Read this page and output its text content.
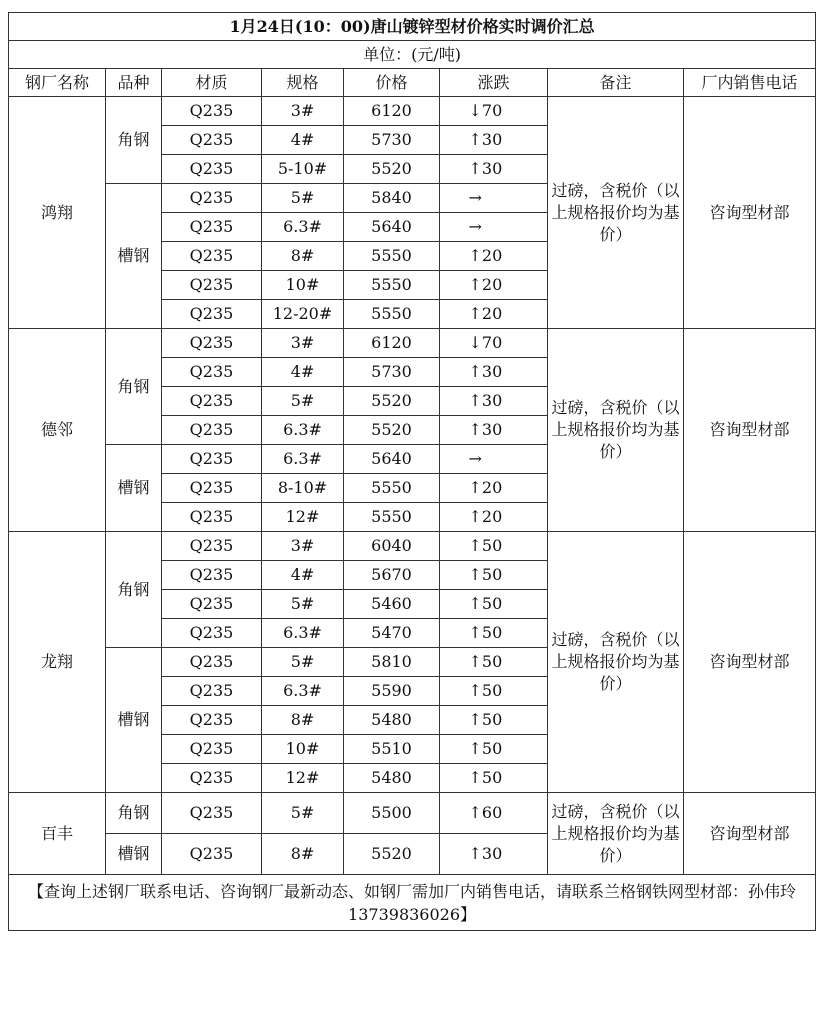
1月24日(10：00)唐山镀锌型材价格实时调价汇总							
单位：(元/吨)							
钢厂名称	品种	材质	规格	价格	涨跌	备注	厂内销售电话
鸿翔	角钢	Q235	3#	6120	↓70	过磅，含税价（以上规格报价均为基价）	咨询型材部
		Q235	4#	5730	↑30		
		Q235	5-10#	5520	↑30		
	槽钢	Q235	5#	5840	→		
		Q235	6.3#	5640	→		
		Q235	8#	5550	↑20		
		Q235	10#	5550	↑20		
		Q235	12-20#	5550	↑20		
德邻	角钢	Q235	3#	6120	↓70	过磅，含税价（以上规格报价均为基价）	咨询型材部
		Q235	4#	5730	↑30		
		Q235	5#	5520	↑30		
		Q235	6.3#	5520	↑30		
	槽钢	Q235	6.3#	5640	→		
		Q235	8-10#	5550	↑20		
		Q235	12#	5550	↑20		
龙翔	角钢	Q235	3#	6040	↑50	过磅，含税价（以上规格报价均为基价）	咨询型材部
		Q235	4#	5670	↑50		
		Q235	5#	5460	↑50		
		Q235	6.3#	5470	↑50		
	槽钢	Q235	5#	5810	↑50		
		Q235	6.3#	5590	↑50		
		Q235	8#	5480	↑50		
		Q235	10#	5510	↑50		
		Q235	12#	5480	↑50		
百丰	角钢	Q235	5#	5500	↑60	过磅，含税价（以上规格报价均为基价）	咨询型材部
	槽钢	Q235	8#	5520	↑30		
【查询上述钢厂联系电话、咨询钢厂最新动态、如钢厂需加厂内销售电话，请联系兰格钢铁网型材部：孙伟玲13739836026】							
